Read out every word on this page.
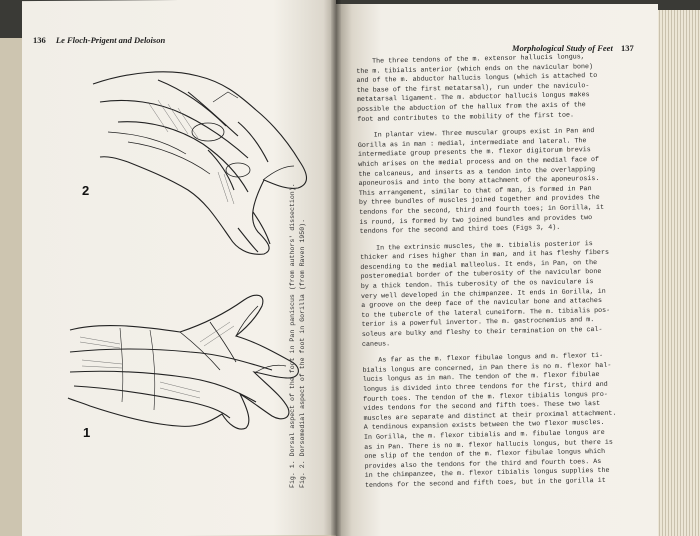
136 Le Floch-Prigent and Deloison
2
1	Fig. 1. Dorsal aspect of the foot in Pan paniscus (from authors' dissection). Fig. 2. Dorsomedial aspect of the foot in Gorilla (from Raven 1950).
Morphological Study of Feet 137

The three tendons of the m. extensor hallucis longus,
the m. tibialis anterior (which ends on the navicular bone)
and of the m. abductor hallucis longus (which is attached to
the base of the first metatarsal), run under the naviculo-
metatarsal ligament. The m. abductor hallucis longus makes
possible the abduction of the hallux from the axis of the
foot and contributes to the mobility of the first toe.

In plantar view. Three muscular groups exist in Pan and
Gorilla as in man : medial, intermediate and lateral. The
intermediate group presents the m. flexor digitorum brevis
which arises on the medial process and on the medial face of
the calcaneus, and inserts as a tendon into the overlapping
aponeurosis and into the bony attachment of the aponeurosis.
This arrangement, similar to that of man, is formed in Pan
by three bundles of muscles joined together and provides the
tendons for the second, third and fourth toes; in Gorilla, it
is round, is formed by two joined bundles and provides two
tendons for the second and third toes (Figs 3, 4).

In the extrinsic muscles, the m. tibialis posterior is
thicker and rises higher than in man, and it has fleshy fibers
descending to the medial malleolus. It ends, in Pan, on the
posteromedial border of the tuberosity of the navicular bone
by a thick tendon. This tuberosity of the os naviculare is
very well developed in the chimpanzee. It ends in Gorilla, in
a groove on the deep face of the navicular bone and attaches
to the tubercle of the lateral cuneiform. The m. tibialis pos-
terior is a powerful invertor. The m. gastrocnemius and m.
soleus are bulky and fleshy to their termination on the cal-
caneus.

As far as the m. flexor fibulae longus and m. flexor ti-
bialis longus are concerned, in Pan there is no m. flexor hal-
lucis longus as in man. The tendon of the m. flexor fibulae
longus is divided into three tendons for the first, third and
fourth toes. The tendon of the m. flexor tibialis longus pro-
vides tendons for the second and fifth toes. These two last
muscles are separate and distinct at their proximal attachment.
A tendinous expansion exists between the two flexor muscles.
In Gorilla, the m. flexor tibialis and m. fibulae longus are
as in Pan. There is no m. flexor hallucis longus, but there is
one slip of the tendon of the m. flexor fibulae longus which
provides also the tendons for the third and fourth toes. As
in the chimpanzee, the m. flexor tibialis longus supplies the
tendons for the second and fifth toes, but in the gorilla it
